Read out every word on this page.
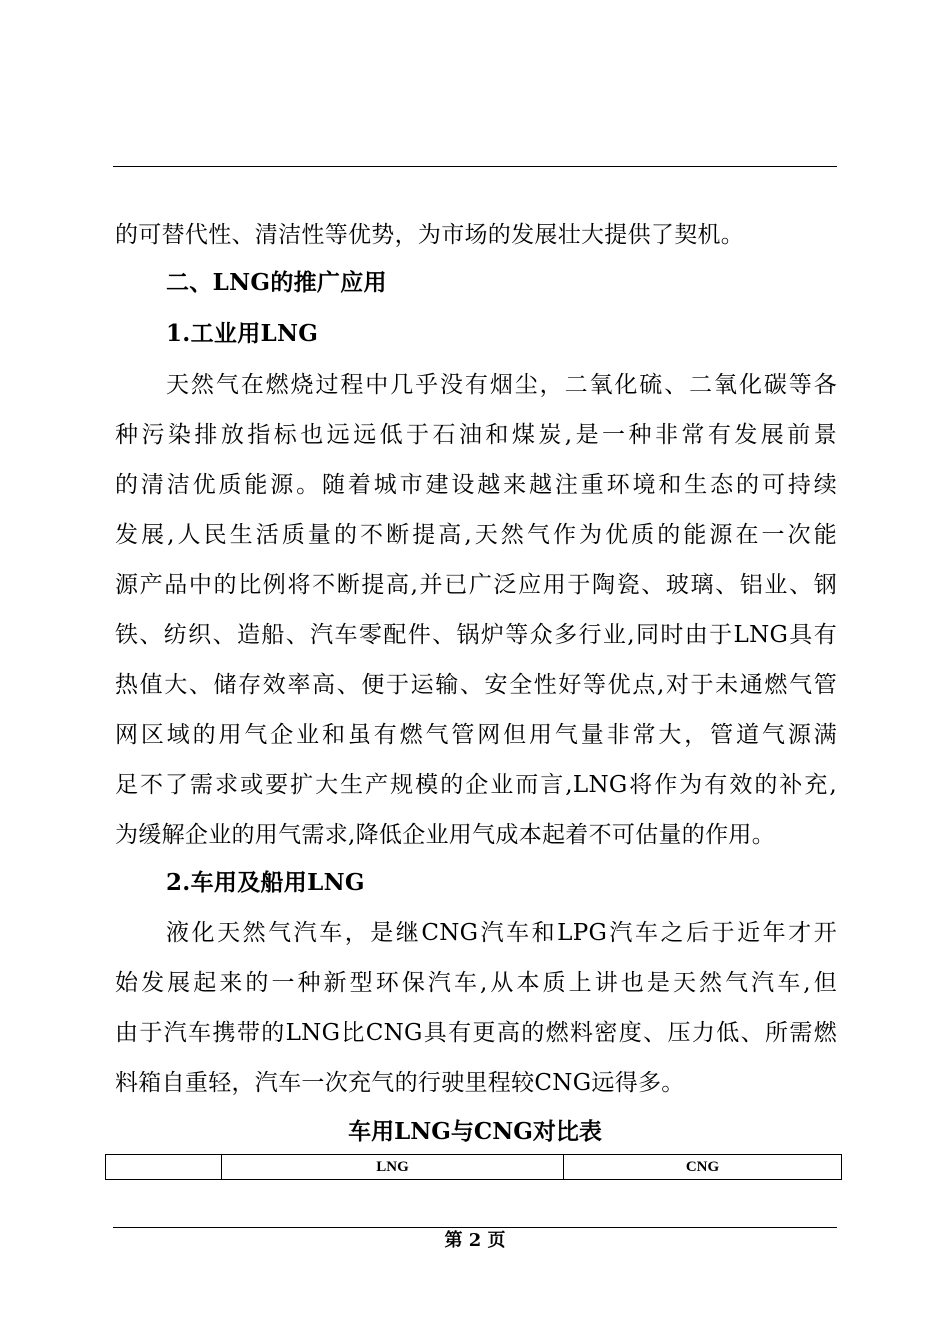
的可替代性、清洁性等优势，为市场的发展壮大提供了契机。
二、LNG的推广应用
1.工业用LNG
天然气在燃烧过程中几乎没有烟尘，二氧化硫、二氧化碳等各
种污染排放指标也远远低于石油和煤炭,是一种非常有发展前景
的清洁优质能源。随着城市建设越来越注重环境和生态的可持续
发展,人民生活质量的不断提高,天然气作为优质的能源在一次能
源产品中的比例将不断提高,并已广泛应用于陶瓷、玻璃、铝业、钢
铁、纺织、造船、汽车零配件、锅炉等众多行业,同时由于LNG具有
热值大、储存效率高、便于运输、安全性好等优点,对于未通燃气管
网区域的用气企业和虽有燃气管网但用气量非常大，管道气源满
足不了需求或要扩大生产规模的企业而言,LNG将作为有效的补充,
为缓解企业的用气需求,降低企业用气成本起着不可估量的作用。
2.车用及船用LNG
液化天然气汽车，是继CNG汽车和LPG汽车之后于近年才开
始发展起来的一种新型环保汽车,从本质上讲也是天然气汽车,但
由于汽车携带的LNG比CNG具有更高的燃料密度、压力低、所需燃
料箱自重轻，汽车一次充气的行驶里程较CNG远得多。
车用LNG与CNG对比表
	LNG	CNG
第 2 页
